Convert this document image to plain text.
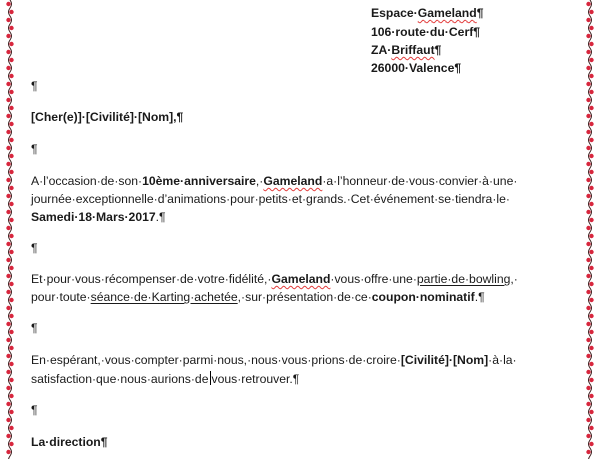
Espace·Gameland¶
106·route·du·Cerf¶
ZA·Briffaut¶
26000·Valence¶
¶
[Cher(e)]·[Civilité]·[Nom],¶
¶
A·l’occasion·de·son·10ème·anniversaire,·Gameland·a·l’honneur·de·vous·convier·à·une·
journée·exceptionnelle·d’animations·pour·petits·et·grands.·Cet·événement·se·tiendra·le·
Samedi·18·Mars·2017.¶
¶
Et·pour·vous·récompenser·de·votre·fidélité,·Gameland·vous·offre·une·partie·de·bowling,·
pour·toute·séance·de·Karting·achetée,·sur·présentation·de·ce·coupon·nominatif.¶
¶
En·espérant,·vous·compter·parmi·nous,·nous·vous·prions·de·croire·[Civilité]·[Nom]·à·la·
satisfaction·que·nous·aurions·de vous·retrouver.¶
¶
La·direction¶
